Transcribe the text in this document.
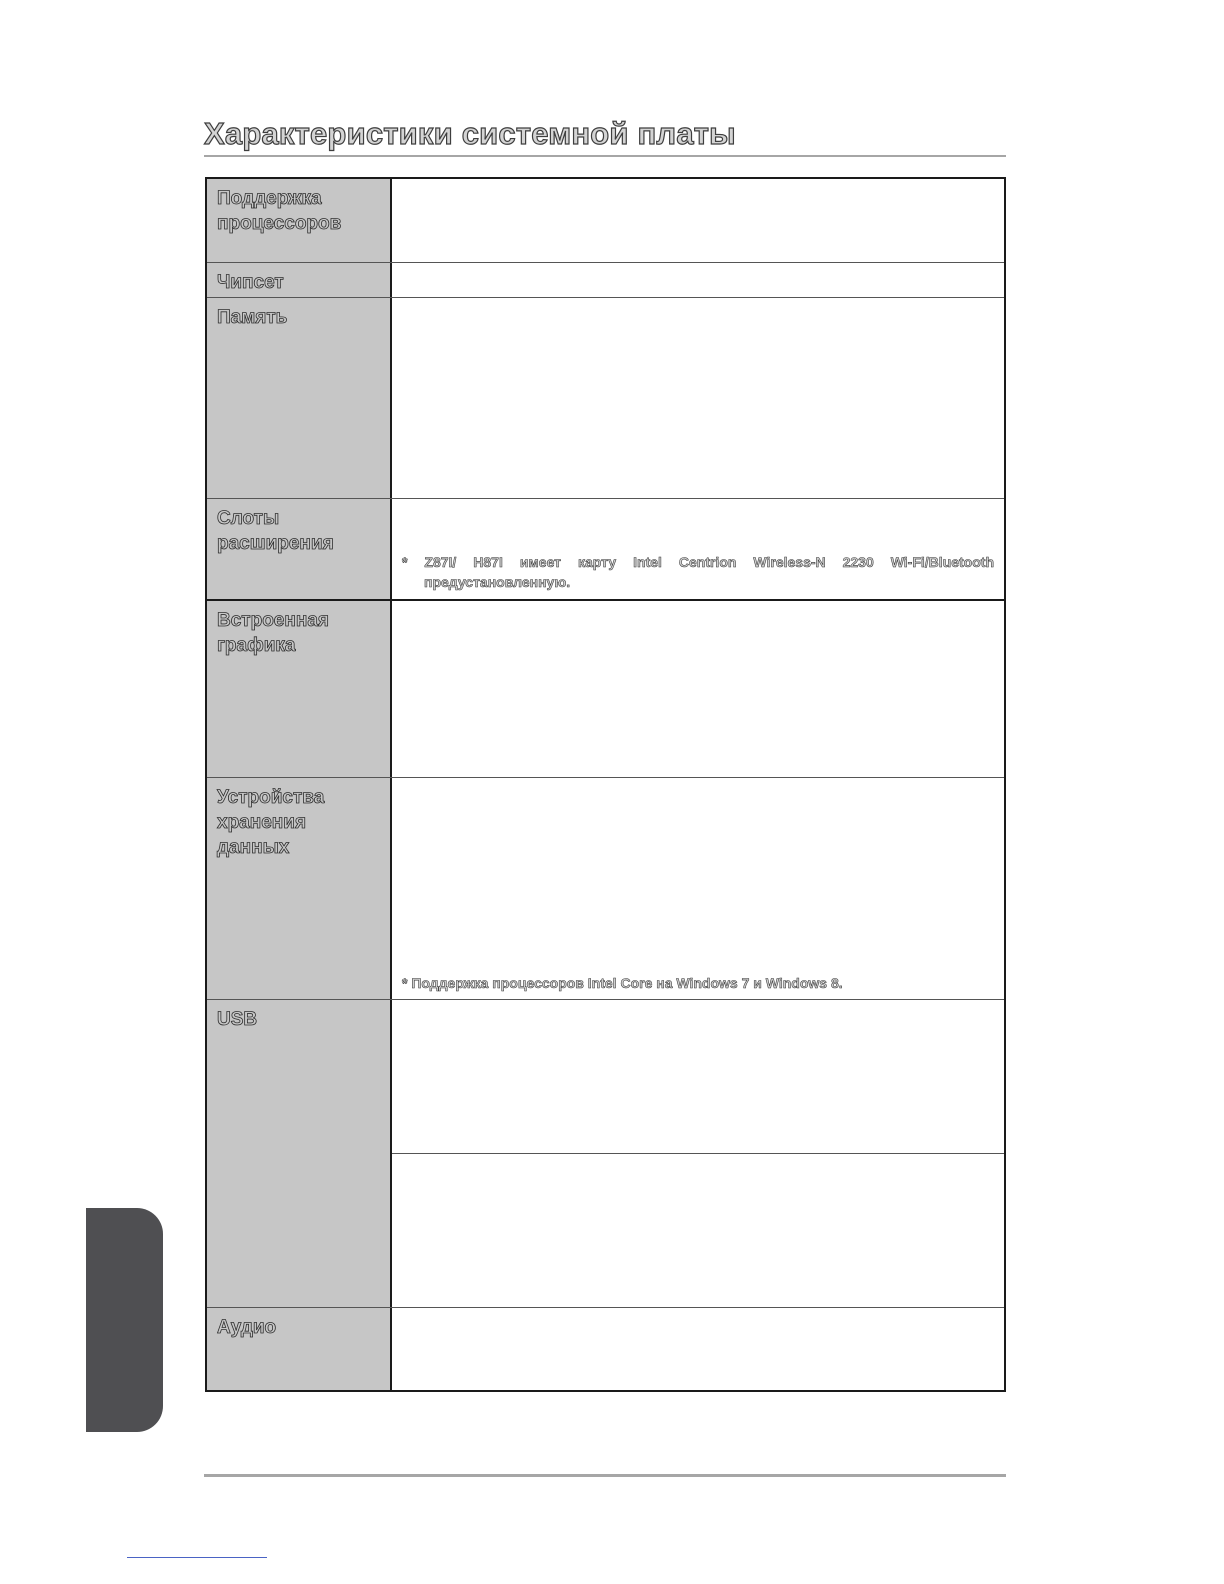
Характеристики системной платы
Поддержка
процессоров
Чипсет
Память
Слоты
расширения
* Z87I/ H87I имеет карту Intel Centrion Wireless-N 2230 Wi-Fi/Bluetooth
предустановленную.
Встроенная
графика
Устройства
хранения
данных
* Поддержка процессоров Intel Core на Windows 7 и Windows 8.
USB
Аудио
